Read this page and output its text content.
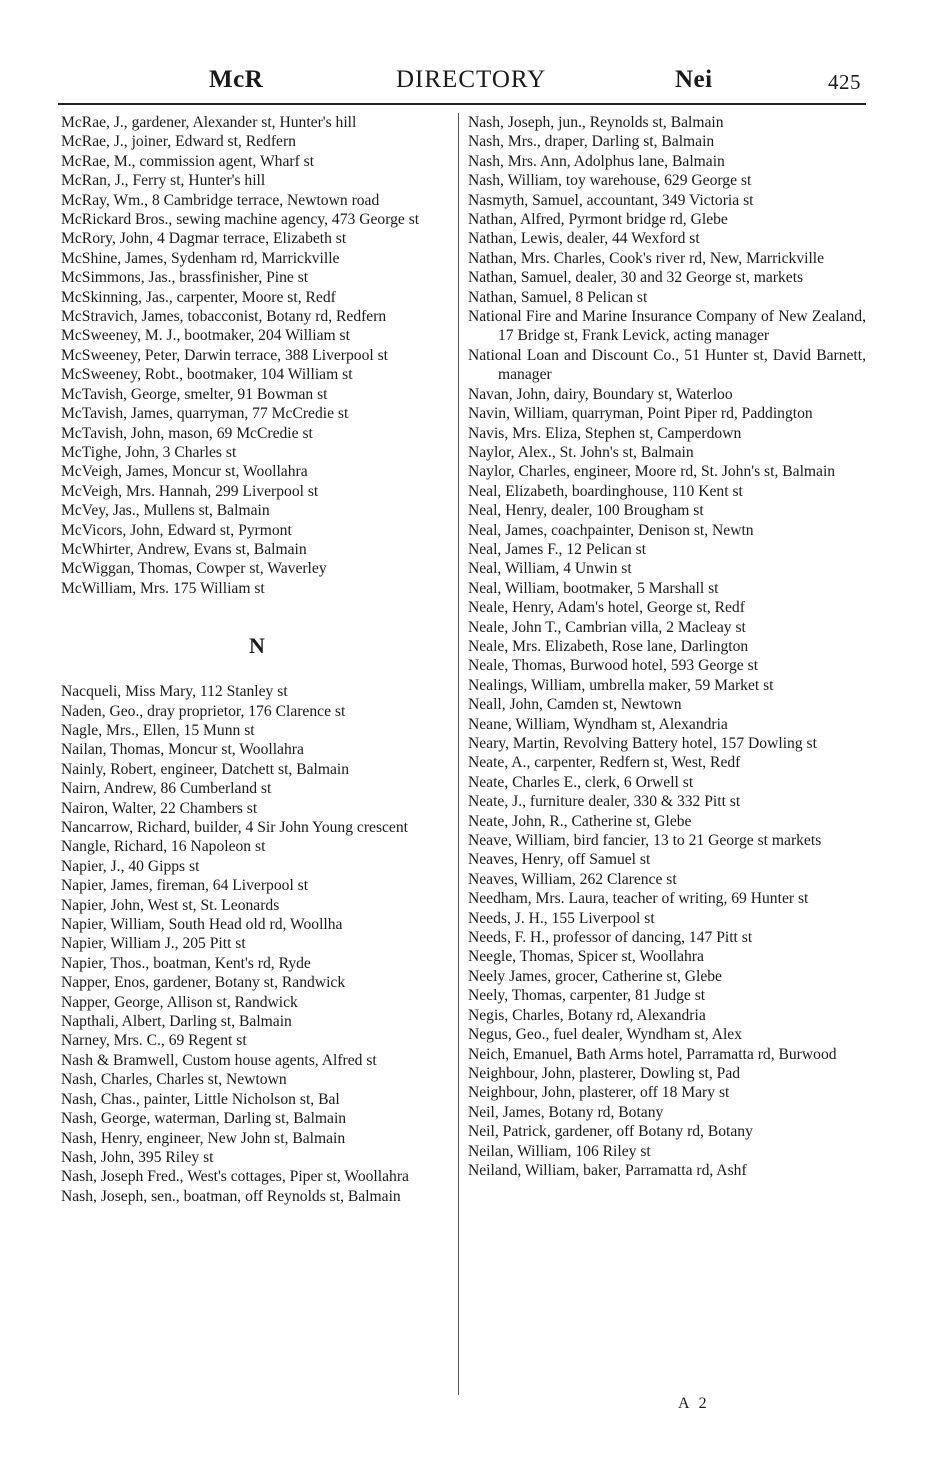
McR	DIRECTORY	Nei	425

McRae, J., gardener, Alexander st, Hunter's hill

McRae, J., joiner, Edward st, Redfern

McRae, M., commission agent, Wharf st

McRan, J., Ferry st, Hunter's hill

McRay, Wm., 8 Cambridge terrace, Newtown road

McRickard Bros., sewing machine agency, 473 George st

McRory, John, 4 Dagmar terrace, Elizabeth st

McShine, James, Sydenham rd, Marrickville

McSimmons, Jas., brassfinisher, Pine st

McSkinning, Jas., carpenter, Moore st, Redf

McStravich, James, tobacconist, Botany rd, Redfern

McSweeney, M. J., bootmaker, 204 William st

McSweeney, Peter, Darwin terrace, 388 Liverpool st

McSweeney, Robt., bootmaker, 104 William st

McTavish, George, smelter, 91 Bowman st

McTavish, James, quarryman, 77 McCredie st

McTavish, John, mason, 69 McCredie st

McTighe, John, 3 Charles st

McVeigh, James, Moncur st, Woollahra

McVeigh, Mrs. Hannah, 299 Liverpool st

McVey, Jas., Mullens st, Balmain

McVicors, John, Edward st, Pyrmont

McWhirter, Andrew, Evans st, Balmain

McWiggan, Thomas, Cowper st, Waverley

McWilliam, Mrs. 175 William st

N

Nacqueli, Miss Mary, 112 Stanley st

Naden, Geo., dray proprietor, 176 Clarence st

Nagle, Mrs., Ellen, 15 Munn st

Nailan, Thomas, Moncur st, Woollahra

Nainly, Robert, engineer, Datchett st, Balmain

Nairn, Andrew, 86 Cumberland st

Nairon, Walter, 22 Chambers st

Nancarrow, Richard, builder, 4 Sir John Young crescent

Nangle, Richard, 16 Napoleon st

Napier, J., 40 Gipps st

Napier, James, fireman, 64 Liverpool st

Napier, John, West st, St. Leonards

Napier, William, South Head old rd, Woollha

Napier, William J., 205 Pitt st

Napier, Thos., boatman, Kent's rd, Ryde

Napper, Enos, gardener, Botany st, Randwick

Napper, George, Allison st, Randwick

Napthali, Albert, Darling st, Balmain

Narney, Mrs. C., 69 Regent st

Nash & Bramwell, Custom house agents, Alfred st

Nash, Charles, Charles st, Newtown

Nash, Chas., painter, Little Nicholson st, Bal

Nash, George, waterman, Darling st, Balmain

Nash, Henry, engineer, New John st, Balmain

Nash, John, 395 Riley st

Nash, Joseph Fred., West's cottages, Piper st, Woollahra

Nash, Joseph, sen., boatman, off Reynolds st, Balmain

Nash, Joseph, jun., Reynolds st, Balmain

Nash, Mrs., draper, Darling st, Balmain

Nash, Mrs. Ann, Adolphus lane, Balmain

Nash, William, toy warehouse, 629 George st

Nasmyth, Samuel, accountant, 349 Victoria st

Nathan, Alfred, Pyrmont bridge rd, Glebe

Nathan, Lewis, dealer, 44 Wexford st

Nathan, Mrs. Charles, Cook's river rd, New, Marrickville

Nathan, Samuel, dealer, 30 and 32 George st, markets

Nathan, Samuel, 8 Pelican st

National Fire and Marine Insurance Company of New Zealand, 17 Bridge st, Frank Levick, acting manager

National Loan and Discount Co., 51 Hunter st, David Barnett, manager

Navan, John, dairy, Boundary st, Waterloo

Navin, William, quarryman, Point Piper rd, Paddington

Navis, Mrs. Eliza, Stephen st, Camperdown

Naylor, Alex., St. John's st, Balmain

Naylor, Charles, engineer, Moore rd, St. John's st, Balmain

Neal, Elizabeth, boardinghouse, 110 Kent st

Neal, Henry, dealer, 100 Brougham st

Neal, James, coachpainter, Denison st, Newtn

Neal, James F., 12 Pelican st

Neal, William, 4 Unwin st

Neal, William, bootmaker, 5 Marshall st

Neale, Henry, Adam's hotel, George st, Redf

Neale, John T., Cambrian villa, 2 Macleay st

Neale, Mrs. Elizabeth, Rose lane, Darlington

Neale, Thomas, Burwood hotel, 593 George st

Nealings, William, umbrella maker, 59 Market st

Neall, John, Camden st, Newtown

Neane, William, Wyndham st, Alexandria

Neary, Martin, Revolving Battery hotel, 157 Dowling st

Neate, A., carpenter, Redfern st, West, Redf

Neate, Charles E., clerk, 6 Orwell st

Neate, J., furniture dealer, 330 & 332 Pitt st

Neate, John, R., Catherine st, Glebe

Neave, William, bird fancier, 13 to 21 George st markets

Neaves, Henry, off Samuel st

Neaves, William, 262 Clarence st

Needham, Mrs. Laura, teacher of writing, 69 Hunter st

Needs, J. H., 155 Liverpool st

Needs, F. H., professor of dancing, 147 Pitt st

Neegle, Thomas, Spicer st, Woollahra

Neely James, grocer, Catherine st, Glebe

Neely, Thomas, carpenter, 81 Judge st

Negis, Charles, Botany rd, Alexandria

Negus, Geo., fuel dealer, Wyndham st, Alex

Neich, Emanuel, Bath Arms hotel, Parramatta rd, Burwood

Neighbour, John, plasterer, Dowling st, Pad

Neighbour, John, plasterer, off 18 Mary st

Neil, James, Botany rd, Botany

Neil, Patrick, gardener, off Botany rd, Botany

Neilan, William, 106 Riley st

Neiland, William, baker, Parramatta rd, Ashf

A 2
